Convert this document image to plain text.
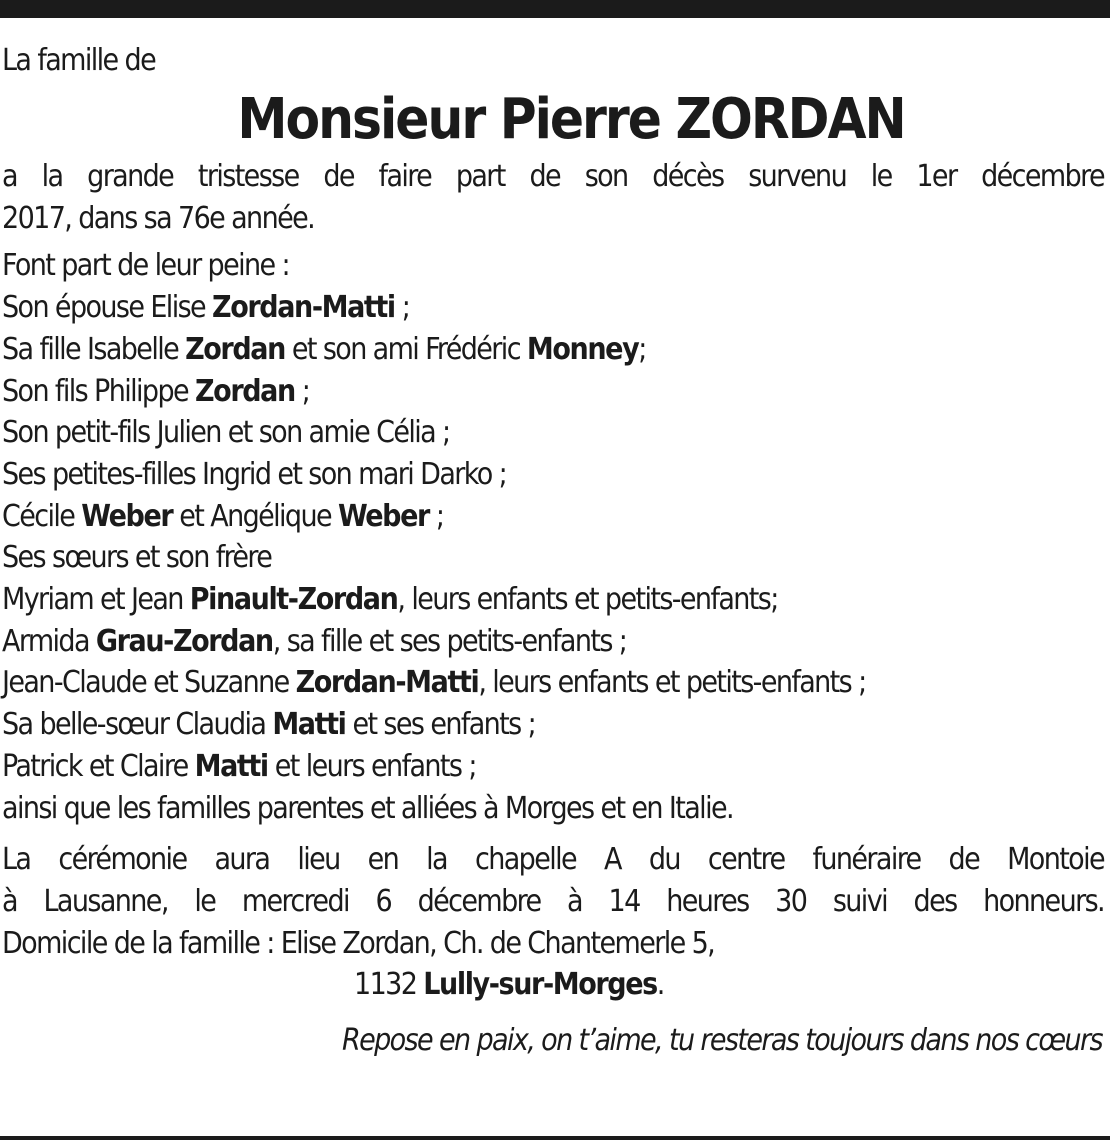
La famille de
Monsieur Pierre ZORDAN
a la grande tristesse de faire part de son décès survenu le 1er décembre
2017, dans sa 76e année.
Font part de leur peine :
Son épouse Elise Zordan-Matti ;
Sa fille Isabelle Zordan et son ami Frédéric Monney;
Son fils Philippe Zordan ;
Son petit-fils Julien et son amie Célia ;
Ses petites-filles Ingrid et son mari Darko ;
Cécile Weber et Angélique Weber ;
Ses sœurs et son frère
Myriam et Jean Pinault-Zordan, leurs enfants et petits-enfants;
Armida Grau-Zordan, sa fille et ses petits-enfants ;
Jean-Claude et Suzanne Zordan-Matti, leurs enfants et petits-enfants ;
Sa belle-sœur Claudia Matti et ses enfants ;
Patrick et Claire Matti et leurs enfants ;
ainsi que les familles parentes et alliées à Morges et en Italie.
La cérémonie aura lieu en la chapelle A du centre funéraire de Montoie
à Lausanne, le mercredi 6 décembre à 14 heures 30 suivi des honneurs.
Domicile de la famille : Elise Zordan, Ch. de Chantemerle 5,
1132 Lully-sur-Morges.
Repose en paix, on t’aime, tu resteras toujours dans nos cœurs
